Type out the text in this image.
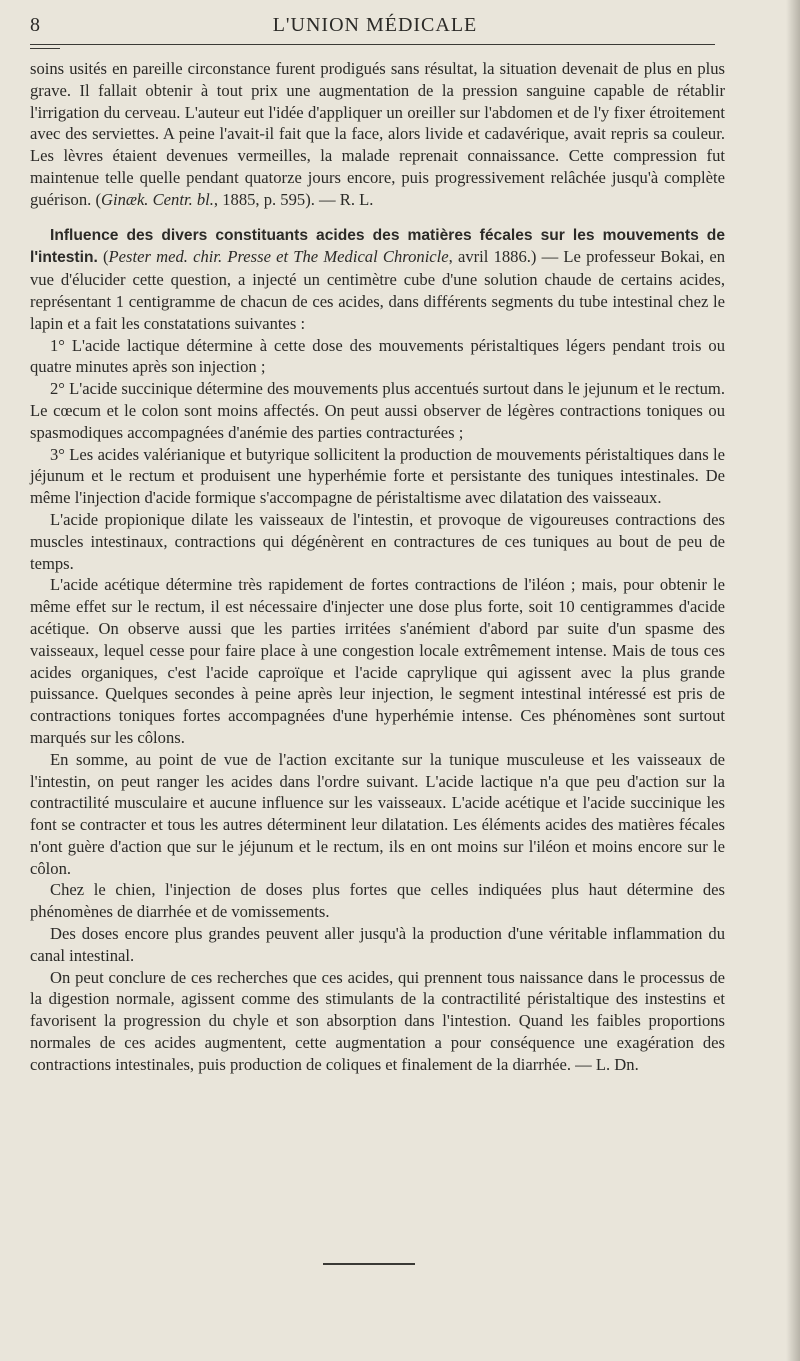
8	L'UNION MÉDICALE

soins usités en pareille circonstance furent prodigués sans résultat, la situation devenait de plus en plus grave. Il fallait obtenir à tout prix une augmentation de la pression sanguine capable de rétablir l'irrigation du cerveau. L'auteur eut l'idée d'appliquer un oreiller sur l'abdomen et de l'y fixer étroitement avec des serviettes. A peine l'avait-il fait que la face, alors livide et cadavérique, avait repris sa couleur. Les lèvres étaient devenues vermeilles, la malade reprenait connaissance. Cette compression fut maintenue telle quelle pendant quatorze jours encore, puis progressivement relâchée jusqu'à complète guérison. (Ginæk. Centr. bl., 1885, p. 595). — R. L.

Influence des divers constituants acides des matières fécales sur les mouvements de l'intestin. (Pester med. chir. Presse et The Medical Chronicle, avril 1886.) — Le professeur Bokai, en vue d'élucider cette question, a injecté un centimètre cube d'une solution chaude de certains acides, représentant 1 centigramme de chacun de ces acides, dans différents segments du tube intestinal chez le lapin et a fait les constatations suivantes :

1° L'acide lactique détermine à cette dose des mouvements péristaltiques légers pendant trois ou quatre minutes après son injection ;

2° L'acide succinique détermine des mouvements plus accentués surtout dans le jejunum et le rectum. Le cœcum et le colon sont moins affectés. On peut aussi observer de légères contractions toniques ou spasmodiques accompagnées d'anémie des parties contracturées ;

3° Les acides valérianique et butyrique sollicitent la production de mouvements péristaltiques dans le jéjunum et le rectum et produisent une hyperhémie forte et persistante des tuniques intestinales. De même l'injection d'acide formique s'accompagne de péristaltisme avec dilatation des vaisseaux.

L'acide propionique dilate les vaisseaux de l'intestin, et provoque de vigoureuses contractions des muscles intestinaux, contractions qui dégénèrent en contractures de ces tuniques au bout de peu de temps.

L'acide acétique détermine très rapidement de fortes contractions de l'iléon ; mais, pour obtenir le même effet sur le rectum, il est nécessaire d'injecter une dose plus forte, soit 10 centigrammes d'acide acétique. On observe aussi que les parties irritées s'anémient d'abord par suite d'un spasme des vaisseaux, lequel cesse pour faire place à une congestion locale extrêmement intense. Mais de tous ces acides organiques, c'est l'acide caproïque et l'acide caprylique qui agissent avec la plus grande puissance. Quelques secondes à peine après leur injection, le segment intestinal intéressé est pris de contractions toniques fortes accompagnées d'une hyperhémie intense. Ces phénomènes sont surtout marqués sur les côlons.

En somme, au point de vue de l'action excitante sur la tunique musculeuse et les vaisseaux de l'intestin, on peut ranger les acides dans l'ordre suivant. L'acide lactique n'a que peu d'action sur la contractilité musculaire et aucune influence sur les vaisseaux. L'acide acétique et l'acide succinique les font se contracter et tous les autres déterminent leur dilatation. Les éléments acides des matières fécales n'ont guère d'action que sur le jéjunum et le rectum, ils en ont moins sur l'iléon et moins encore sur le côlon.

Chez le chien, l'injection de doses plus fortes que celles indiquées plus haut détermine des phénomènes de diarrhée et de vomissements.

Des doses encore plus grandes peuvent aller jusqu'à la production d'une véritable inflammation du canal intestinal.

On peut conclure de ces recherches que ces acides, qui prennent tous naissance dans le processus de la digestion normale, agissent comme des stimulants de la contractilité péristaltique des instestins et favorisent la progression du chyle et son absorption dans l'intestion. Quand les faibles proportions normales de ces acides augmentent, cette augmentation a pour conséquence une exagération des contractions intestinales, puis production de coliques et finalement de la diarrhée. — L. Dn.
